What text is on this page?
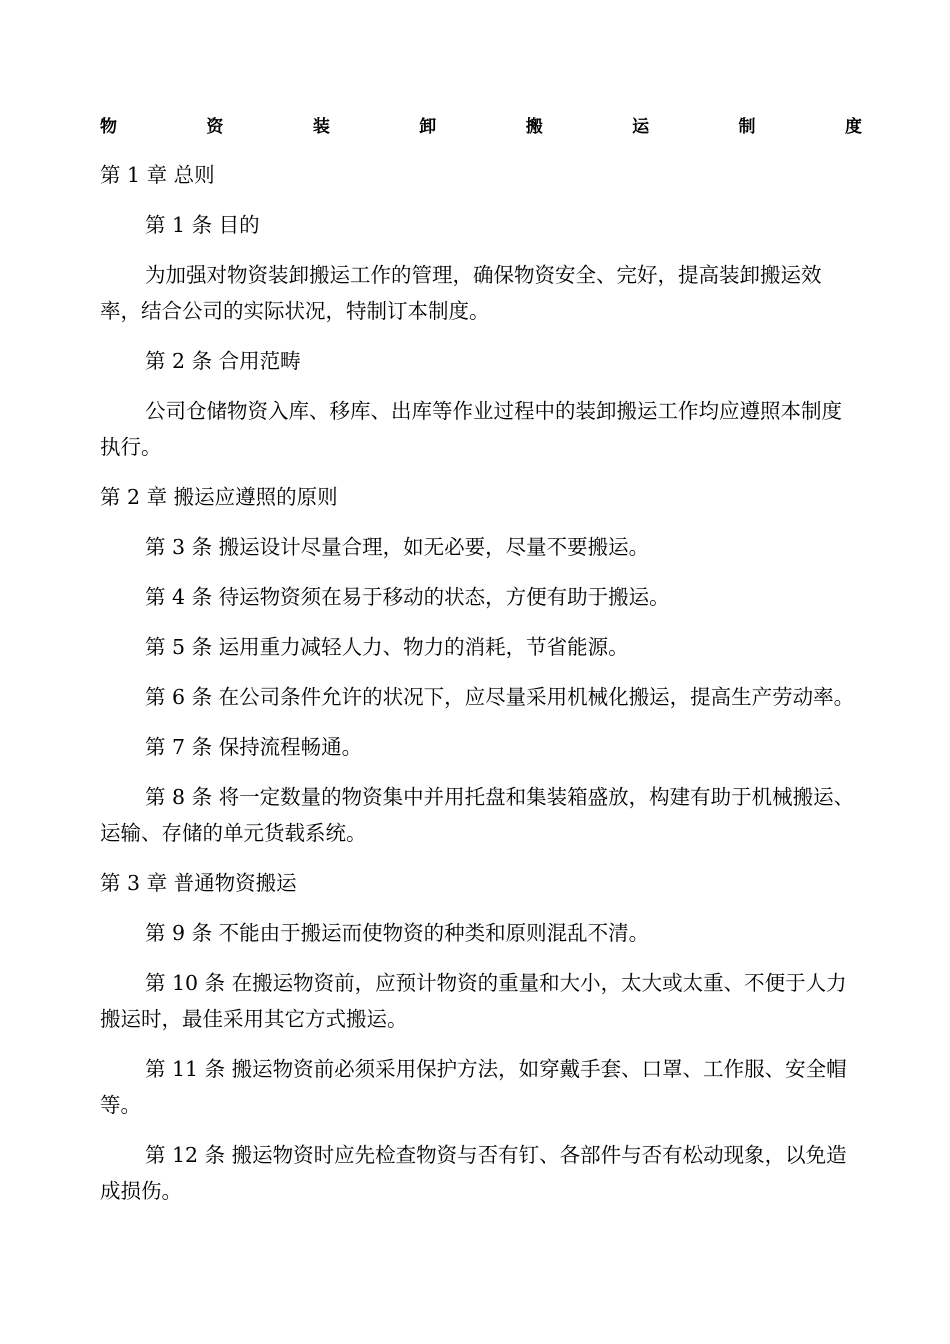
物	资	装	卸	搬	运	制	度

第 1 章 总则

第 1 条 目的

为加强对物资装卸搬运工作的管理，确保物资安全、完好，提高装卸搬运效率，结合公司的实际状况，特制订本制度。

第 2 条 合用范畴

公司仓储物资入库、移库、出库等作业过程中的装卸搬运工作均应遵照本制度执行。

第 2 章 搬运应遵照的原则

第 3 条 搬运设计尽量合理，如无必要，尽量不要搬运。

第 4 条 待运物资须在易于移动的状态，方便有助于搬运。

第 5 条 运用重力减轻人力、物力的消耗，节省能源。

第 6 条 在公司条件允许的状况下，应尽量采用机械化搬运，提高生产劳动率。

第 7 条 保持流程畅通。

第 8 条 将一定数量的物资集中并用托盘和集装箱盛放，构建有助于机械搬运、运输、存储的单元货载系统。

第 3 章 普通物资搬运

第 9 条 不能由于搬运而使物资的种类和原则混乱不清。

第 10 条 在搬运物资前，应预计物资的重量和大小，太大或太重、不便于人力搬运时，最佳采用其它方式搬运。

第 11 条 搬运物资前必须采用保护方法，如穿戴手套、口罩、工作服、安全帽等。

第 12 条 搬运物资时应先检查物资与否有钉、各部件与否有松动现象，以免造成损伤。
